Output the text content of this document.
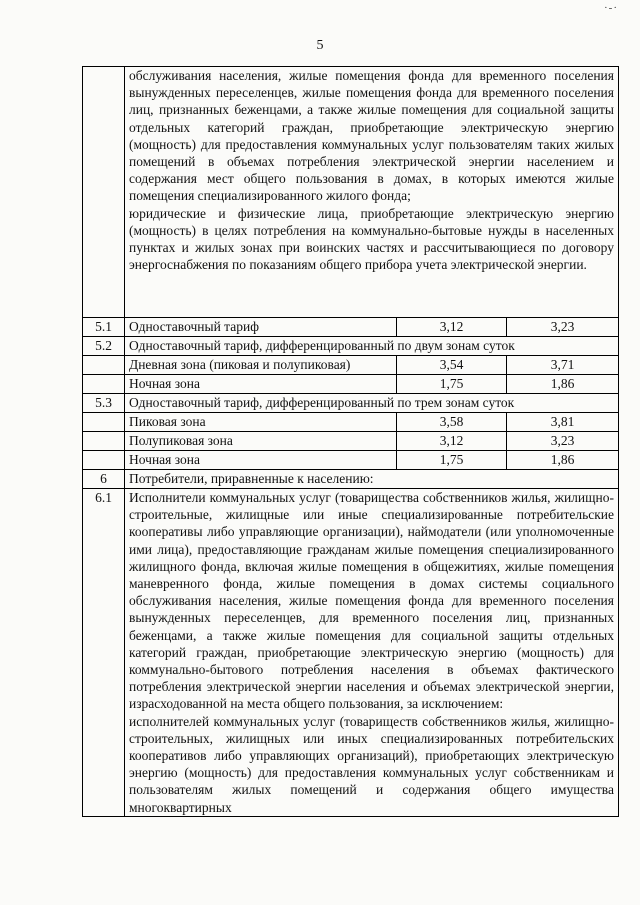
·-·
5

	обслуживания населения, жилые помещения фонда для временного поселения вынужденных переселенцев, жилые помещения фонда для временного поселения лиц, признанных беженцами, а также жилые помещения для социальной защиты отдельных категорий граждан, приобретающие электрическую энергию (мощность) для предоставления коммунальных услуг пользователям таких жилых помещений в объемах потребления электрической энергии населением и содержания мест общего пользования в домах, в которых имеются жилые помещения специализированного жилого фонда;
юридические и физические лица, приобретающие электрическую энергию (мощность) в целях потребления на коммунально-бытовые нужды в населенных пунктах и жилых зонах при воинских частях и рассчитывающиеся по договору энергоснабжения по показаниям общего прибора учета электрической энергии.		

5.1	Одноставочный тариф	3,12	3,23
5.2	Одноставочный тариф, дифференцированный по двум зонам суток		
	Дневная зона (пиковая и полупиковая)	3,54	3,71
	Ночная зона	1,75	1,86
5.3	Одноставочный тариф, дифференцированный по трем зонам суток		
	Пиковая зона	3,58	3,81
	Полупиковая зона	3,12	3,23
	Ночная зона	1,75	1,86
6	Потребители, приравненные к населению:		
6.1	Исполнители коммунальных услуг (товарищества собственников жилья, жилищно-строительные, жилищные или иные специализированные потребительские кооперативы либо управляющие организации), наймодатели (или уполномоченные ими лица), предоставляющие гражданам жилые помещения специализированного жилищного фонда, включая жилые помещения в общежитиях, жилые помещения маневренного фонда, жилые помещения в домах системы социального обслуживания населения, жилые помещения фонда для временного поселения вынужденных переселенцев, для временного поселения лиц, признанных беженцами, а также жилые помещения для социальной защиты отдельных категорий граждан, приобретающие электрическую энергию (мощность) для коммунально-бытового потребления населения в объемах фактического потребления электрической энергии населения и объемах электрической энергии, израсходованной на места общего пользования, за исключением:
исполнителей коммунальных услуг (товариществ собственников жилья, жилищно-строительных, жилищных или иных специализированных потребительских кооперативов либо управляющих организаций), приобретающих электрическую энергию (мощность) для предоставления коммунальных услуг собственникам и пользователям жилых помещений и содержания общего имущества многоквартирных		
